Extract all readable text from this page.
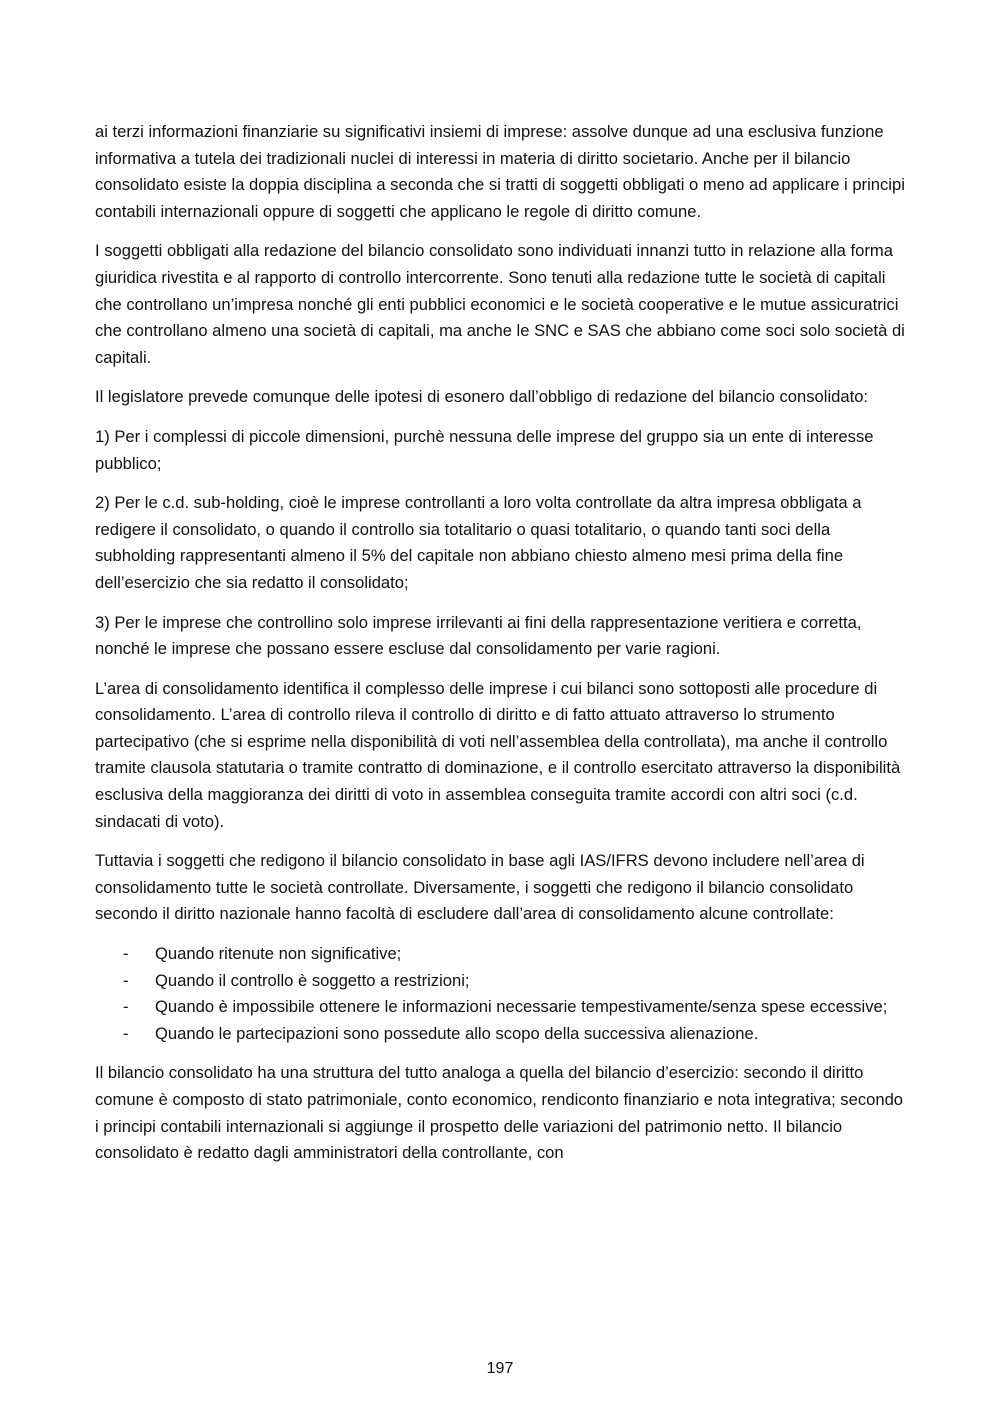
ai terzi informazioni finanziarie su significativi insiemi di imprese: assolve dunque ad una esclusiva funzione informativa a tutela dei tradizionali nuclei di interessi in materia di diritto societario. Anche per il bilancio consolidato esiste la doppia disciplina a seconda che si tratti di soggetti obbligati o meno ad applicare i principi contabili internazionali oppure di soggetti che applicano le regole di diritto comune.

I soggetti obbligati alla redazione del bilancio consolidato sono individuati innanzi tutto in relazione alla forma giuridica rivestita e al rapporto di controllo intercorrente. Sono tenuti alla redazione tutte le società di capitali che controllano un’impresa nonché gli enti pubblici economici e le società cooperative e le mutue assicuratrici che controllano almeno una società di capitali, ma anche le SNC e SAS che abbiano come soci solo società di capitali.

Il legislatore prevede comunque delle ipotesi di esonero dall’obbligo di redazione del bilancio consolidato:

1) Per i complessi di piccole dimensioni, purchè nessuna delle imprese del gruppo sia un ente di interesse pubblico;

2) Per le c.d. sub-holding, cioè le imprese controllanti a loro volta controllate da altra impresa obbligata a redigere il consolidato, o quando il controllo sia totalitario o quasi totalitario, o quando tanti soci della subholding rappresentanti almeno il 5% del capitale non abbiano chiesto almeno mesi prima della fine dell’esercizio che sia redatto il consolidato;

3) Per le imprese che controllino solo imprese irrilevanti ai fini della rappresentazione veritiera e corretta, nonché le imprese che possano essere escluse dal consolidamento per varie ragioni.

L’area di consolidamento identifica il complesso delle imprese i cui bilanci sono sottoposti alle procedure di consolidamento. L’area di controllo rileva il controllo di diritto e di fatto attuato attraverso lo strumento partecipativo (che si esprime nella disponibilità di voti nell’assemblea della controllata), ma anche il controllo tramite clausola statutaria o tramite contratto di dominazione, e il controllo esercitato attraverso la disponibilità esclusiva della maggioranza dei diritti di voto in assemblea conseguita tramite accordi con altri soci (c.d. sindacati di voto).

Tuttavia i soggetti che redigono il bilancio consolidato in base agli IAS/IFRS devono includere nell’area di consolidamento tutte le società controllate. Diversamente, i soggetti che redigono il bilancio consolidato secondo il diritto nazionale hanno facoltà di escludere dall’area di consolidamento alcune controllate:

- Quando ritenute non significative;
- Quando il controllo è soggetto a restrizioni;
- Quando è impossibile ottenere le informazioni necessarie tempestivamente/senza spese eccessive;
- Quando le partecipazioni sono possedute allo scopo della successiva alienazione.

Il bilancio consolidato ha una struttura del tutto analoga a quella del bilancio d’esercizio: secondo il diritto comune è composto di stato patrimoniale, conto economico, rendiconto finanziario e nota integrativa; secondo i principi contabili internazionali si aggiunge il prospetto delle variazioni del patrimonio netto. Il bilancio consolidato è redatto dagli amministratori della controllante, con

197
